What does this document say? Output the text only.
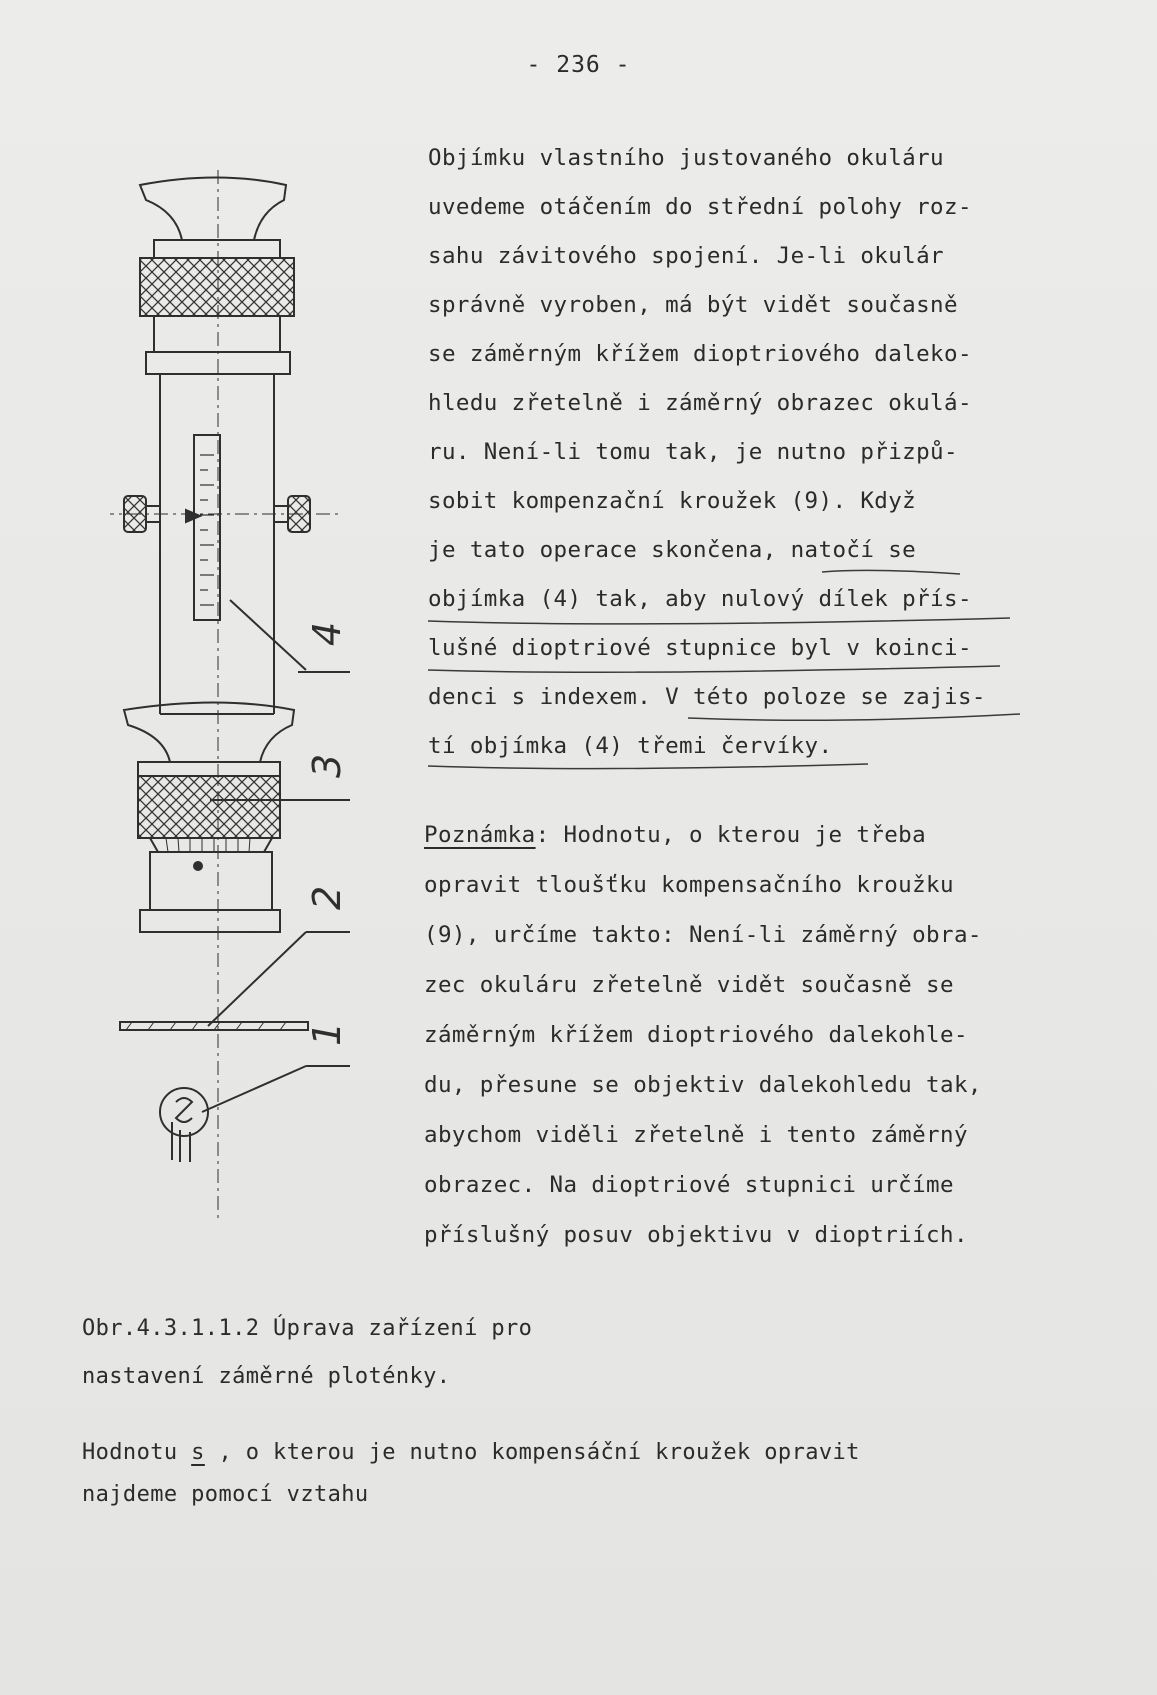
- 236 -
Objímku vlastního justovaného okuláru
uvedeme otáčením do střední polohy roz-
sahu závitového spojení. Je-li okulár
správně vyroben, má být vidět současně
se záměrným křížem dioptriového daleko-
hledu zřetelně i záměrný obrazec okulá-
ru. Není-li tomu tak, je nutno přizpů-
sobit kompenzační kroužek (9). Když
je tato operace skončena, natočí se
objímka (4) tak, aby nulový dílek přís-
lušné dioptriové stupnice byl v koinci-
denci s indexem. V této poloze se zajis-
tí objímka (4) třemi červíky.
Poznámka: Hodnotu, o kterou je třeba
opravit tloušťku kompensačního kroužku
(9), určíme takto: Není-li záměrný obra-
zec okuláru zřetelně vidět současně se
záměrným křížem dioptriového dalekohle-
du, přesune se objektiv dalekohledu tak,
abychom viděli zřetelně i tento záměrný
obrazec. Na dioptriové stupnici určíme
příslušný posuv objektivu v dioptriích.
Obr.4.3.1.1.2 Úprava zařízení pro
nastavení záměrné ploténky.
Hodnotu s , o kterou je nutno kompensáční kroužek opravit
najdeme pomocí vztahu
4
3
2
1
